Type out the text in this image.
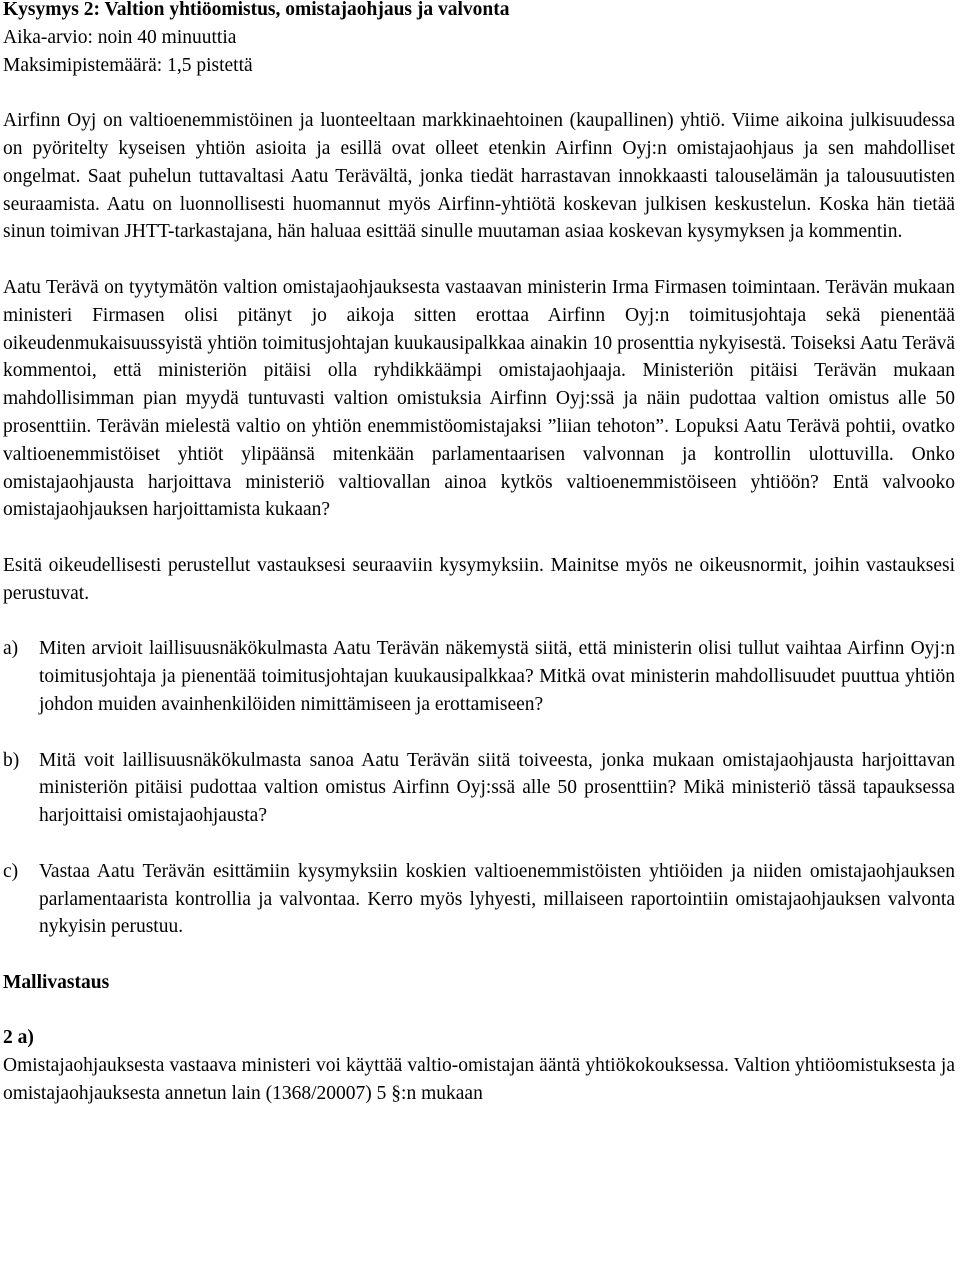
Kysymys 2: Valtion yhtiöomistus, omistajaohjaus ja valvonta
Aika-arvio: noin 40 minuuttia
Maksimipistemäärä: 1,5 pistettä

Airfinn Oyj on valtioenemmistöinen ja luonteeltaan markkinaehtoinen (kaupallinen) yhtiö. Viime aikoina julkisuudessa on pyöritelty kyseisen yhtiön asioita ja esillä ovat olleet etenkin Airfinn Oyj:n omistajaohjaus ja sen mahdolliset ongelmat. Saat puhelun tuttavaltasi Aatu Terävältä, jonka tiedät harrastavan innokkaasti talouselämän ja talousuutisten seuraamista. Aatu on luonnollisesti huomannut myös Airfinn-yhtiötä koskevan julkisen keskustelun. Koska hän tietää sinun toimivan JHTT-tarkastajana, hän haluaa esittää sinulle muutaman asiaa koskevan kysymyksen ja kommentin.

Aatu Terävä on tyytymätön valtion omistajaohjauksesta vastaavan ministerin Irma Firmasen toimintaan. Terävän mukaan ministeri Firmasen olisi pitänyt jo aikoja sitten erottaa Airfinn Oyj:n toimitusjohtaja sekä pienentää oikeudenmukaisuussyistä yhtiön toimitusjohtajan kuukausipalkkaa ainakin 10 prosenttia nykyisestä. Toiseksi Aatu Terävä kommentoi, että ministeriön pitäisi olla ryhdikkäämpi omistajaohjaaja. Ministeriön pitäisi Terävän mukaan mahdollisimman pian myydä tuntuvasti valtion omistuksia Airfinn Oyj:ssä ja näin pudottaa valtion omistus alle 50 prosenttiin. Terävän mielestä valtio on yhtiön enemmistöomistajaksi ”liian tehoton”. Lopuksi Aatu Terävä pohtii, ovatko valtioenemmistöiset yhtiöt ylipäänsä mitenkään parlamentaarisen valvonnan ja kontrollin ulottuvilla. Onko omistajaohjausta harjoittava ministeriö valtiovallan ainoa kytkös valtioenemmistöiseen yhtiöön? Entä valvooko omistajaohjauksen harjoittamista kukaan?

Esitä oikeudellisesti perustellut vastauksesi seuraaviin kysymyksiin. Mainitse myös ne oikeusnormit, joihin vastauksesi perustuvat.

a)	Miten arvioit laillisuusnäkökulmasta Aatu Terävän näkemystä siitä, että ministerin olisi tullut vaihtaa Airfinn Oyj:n toimitusjohtaja ja pienentää toimitusjohtajan kuukausipalkkaa? Mitkä ovat ministerin mahdollisuudet puuttua yhtiön johdon muiden avainhenkilöiden nimittämiseen ja erottamiseen?
b)	Mitä voit laillisuusnäkökulmasta sanoa Aatu Terävän siitä toiveesta, jonka mukaan omistajaohjausta harjoittavan ministeriön pitäisi pudottaa valtion omistus Airfinn Oyj:ssä alle 50 prosenttiin? Mikä ministeriö tässä tapauksessa harjoittaisi omistajaohjausta?
c)	Vastaa Aatu Terävän esittämiin kysymyksiin koskien valtioenemmistöisten yhtiöiden ja niiden omistajaohjauksen parlamentaarista kontrollia ja valvontaa. Kerro myös lyhyesti, millaiseen raportointiin omistajaohjauksen valvonta nykyisin perustuu.
Mallivastaus
2 a)

Omistajaohjauksesta vastaava ministeri voi käyttää valtio-omistajan ääntä yhtiökokouksessa. Valtion yhtiöomistuksesta ja omistajaohjauksesta annetun lain (1368/20007) 5 §:n mukaan
